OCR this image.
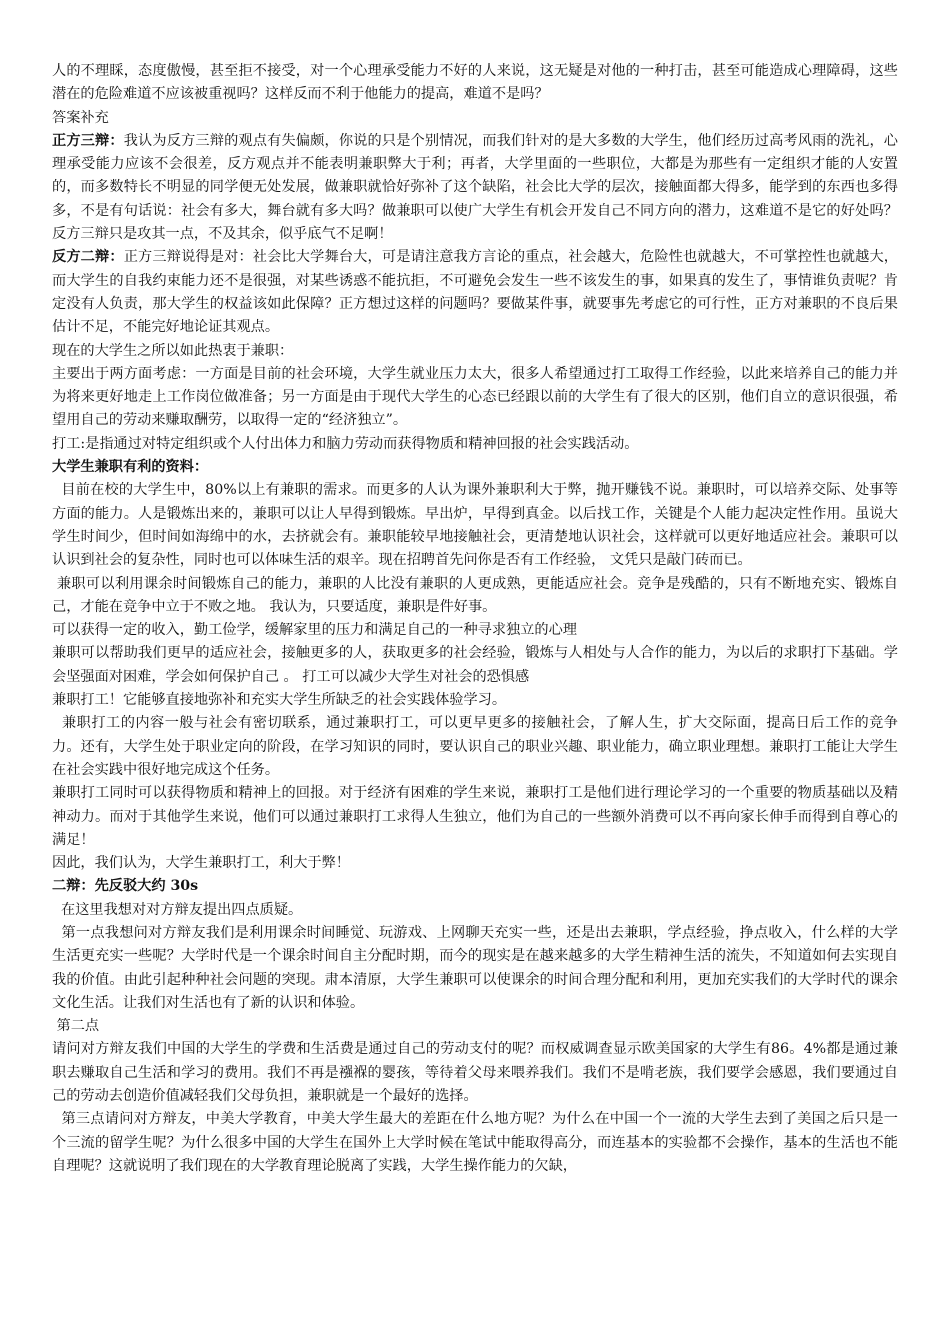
人的不理睬，态度傲慢，甚至拒不接受，对一个心理承受能力不好的人来说，这无疑是对他的一种打击，甚至可能造成心理障碍，这些潜在的危险难道不应该被重视吗？这样反而不利于他能力的提高，难道不是吗？

答案补充

正方三辩：我认为反方三辩的观点有失偏颇，你说的只是个别情况，而我们针对的是大多数的大学生，他们经历过高考风雨的洗礼，心理承受能力应该不会很差，反方观点并不能表明兼职弊大于利；再者，大学里面的一些职位，大都是为那些有一定组织才能的人安置的，而多数特长不明显的同学便无处发展，做兼职就恰好弥补了这个缺陷，社会比大学的层次，接触面都大得多，能学到的东西也多得多，不是有句话说：社会有多大，舞台就有多大吗？做兼职可以使广大学生有机会开发自己不同方向的潜力，这难道不是它的好处吗？反方三辩只是攻其一点，不及其余，似乎底气不足啊！

反方二辩：正方三辩说得是对：社会比大学舞台大，可是请注意我方言论的重点，社会越大，危险性也就越大，不可掌控性也就越大，而大学生的自我约束能力还不是很强，对某些诱惑不能抗拒，不可避免会发生一些不该发生的事，如果真的发生了，事情谁负责呢？肯定没有人负责，那大学生的权益该如此保障？正方想过这样的问题吗？要做某件事，就要事先考虑它的可行性，正方对兼职的不良后果估计不足，不能完好地论证其观点。

现在的大学生之所以如此热衷于兼职：

主要出于两方面考虑：一方面是目前的社会环境，大学生就业压力太大，很多人希望通过打工取得工作经验，以此来培养自己的能力并为将来更好地走上工作岗位做准备；另一方面是由于现代大学生的心态已经跟以前的大学生有了很大的区别，他们自立的意识很强，希望用自己的劳动来赚取酬劳，以取得一定的“经济独立”。

打工:是指通过对特定组织或个人付出体力和脑力劳动而获得物质和精神回报的社会实践活动。

大学生兼职有利的资料：

目前在校的大学生中，80%以上有兼职的需求。而更多的人认为课外兼职利大于弊，抛开赚钱不说。兼职时，可以培养交际、处事等方面的能力。人是锻炼出来的，兼职可以让人早得到锻炼。早出炉，早得到真金。以后找工作，关键是个人能力起决定性作用。虽说大学生时间少，但时间如海绵中的水，去挤就会有。兼职能较早地接触社会，更清楚地认识社会，这样就可以更好地适应社会。兼职可以认识到社会的复杂性，同时也可以体味生活的艰辛。现在招聘首先问你是否有工作经验， 文凭只是敲门砖而已。

兼职可以利用课余时间锻炼自己的能力，兼职的人比没有兼职的人更成熟，更能适应社会。竞争是残酷的，只有不断地充实、锻炼自己，才能在竞争中立于不败之地。 我认为，只要适度，兼职是件好事。

可以获得一定的收入，勤工俭学，缓解家里的压力和满足自己的一种寻求独立的心理

兼职可以帮助我们更早的适应社会，接触更多的人，获取更多的社会经验，锻炼与人相处与人合作的能力，为以后的求职打下基础。学会坚强面对困难，学会如何保护自己 。 打工可以减少大学生对社会的恐惧感

兼职打工！它能够直接地弥补和充实大学生所缺乏的社会实践体验学习。

兼职打工的内容一般与社会有密切联系，通过兼职打工，可以更早更多的接触社会，了解人生，扩大交际面，提高日后工作的竞争力。还有，大学生处于职业定向的阶段，在学习知识的同时，要认识自己的职业兴趣、职业能力，确立职业理想。兼职打工能让大学生在社会实践中很好地完成这个任务。

兼职打工同时可以获得物质和精神上的回报。对于经济有困难的学生来说，兼职打工是他们进行理论学习的一个重要的物质基础以及精神动力。而对于其他学生来说，他们可以通过兼职打工求得人生独立，他们为自己的一些额外消费可以不再向家长伸手而得到自尊心的满足！

因此，我们认为，大学生兼职打工，利大于弊！

二辩：先反驳大约 30s

在这里我想对对方辩友提出四点质疑。

第一点我想问对方辩友我们是利用课余时间睡觉、玩游戏、上网聊天充实一些，还是出去兼职，学点经验，挣点收入，什么样的大学生活更充实一些呢？大学时代是一个课余时间自主分配时期，而今的现实是在越来越多的大学生精神生活的流失，不知道如何去实现自我的价值。由此引起种种社会问题的突现。肃本清原，大学生兼职可以使课余的时间合理分配和利用，更加充实我们的大学时代的课余文化生活。让我们对生活也有了新的认识和体验。

第二点

请问对方辩友我们中国的大学生的学费和生活费是通过自己的劳动支付的呢？而权威调查显示欧美国家的大学生有86。4%都是通过兼职去赚取自己生活和学习的费用。我们不再是襁褓的婴孩，等待着父母来喂养我们。我们不是啃老族，我们要学会感恩，我们要通过自己的劳动去创造价值减轻我们父母负担，兼职就是一个最好的选择。

第三点请问对方辩友，中美大学教育，中美大学生最大的差距在什么地方呢？为什么在中国一个一流的大学生去到了美国之后只是一个三流的留学生呢？为什么很多中国的大学生在国外上大学时候在笔试中能取得高分，而连基本的实验都不会操作，基本的生活也不能自理呢？这就说明了我们现在的大学教育理论脱离了实践，大学生操作能力的欠缺，
